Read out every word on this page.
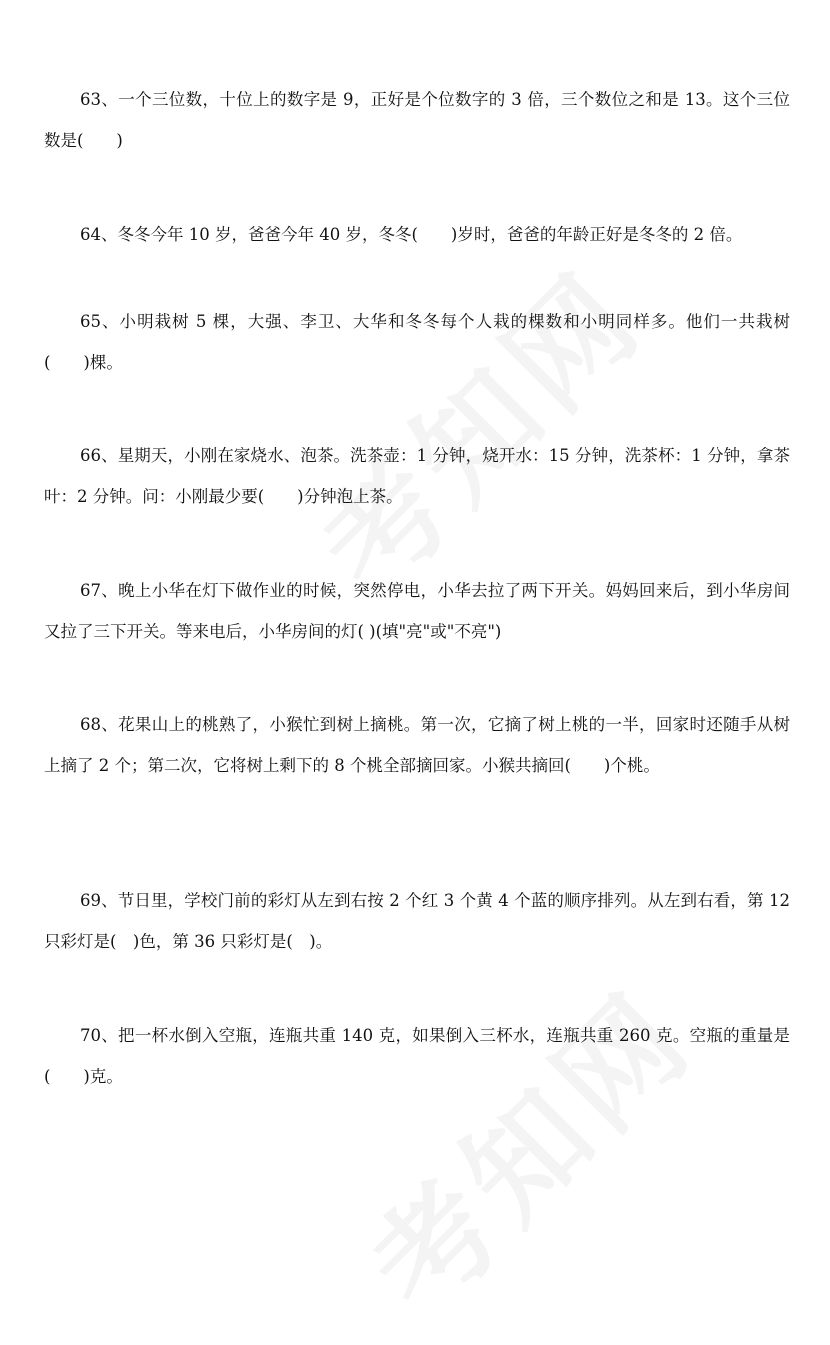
63、一个三位数，十位上的数字是 9，正好是个位数字的 3 倍，三个数位之和是 13。这个三位数是(　　)

64、冬冬今年 10 岁，爸爸今年 40 岁，冬冬(　　)岁时，爸爸的年龄正好是冬冬的 2 倍。

65、小明栽树 5 棵，大强、李卫、大华和冬冬每个人栽的棵数和小明同样多。他们一共栽树(　　)棵。

66、星期天，小刚在家烧水、泡茶。洗茶壶：1 分钟，烧开水：15 分钟，洗茶杯：1 分钟，拿茶叶：2 分钟。问：小刚最少要(　　)分钟泡上茶。

67、晚上小华在灯下做作业的时候，突然停电，小华去拉了两下开关。妈妈回来后，到小华房间又拉了三下开关。等来电后，小华房间的灯( )(填"亮"或"不亮")

68、花果山上的桃熟了，小猴忙到树上摘桃。第一次，它摘了树上桃的一半，回家时还随手从树上摘了 2 个；第二次，它将树上剩下的 8 个桃全部摘回家。小猴共摘回(　　)个桃。

69、节日里，学校门前的彩灯从左到右按 2 个红 3 个黄 4 个蓝的顺序排列。从左到右看，第 12 只彩灯是(　)色，第 36 只彩灯是(　)。

70、把一杯水倒入空瓶，连瓶共重 140 克，如果倒入三杯水，连瓶共重 260 克。空瓶的重量是(　　)克。
